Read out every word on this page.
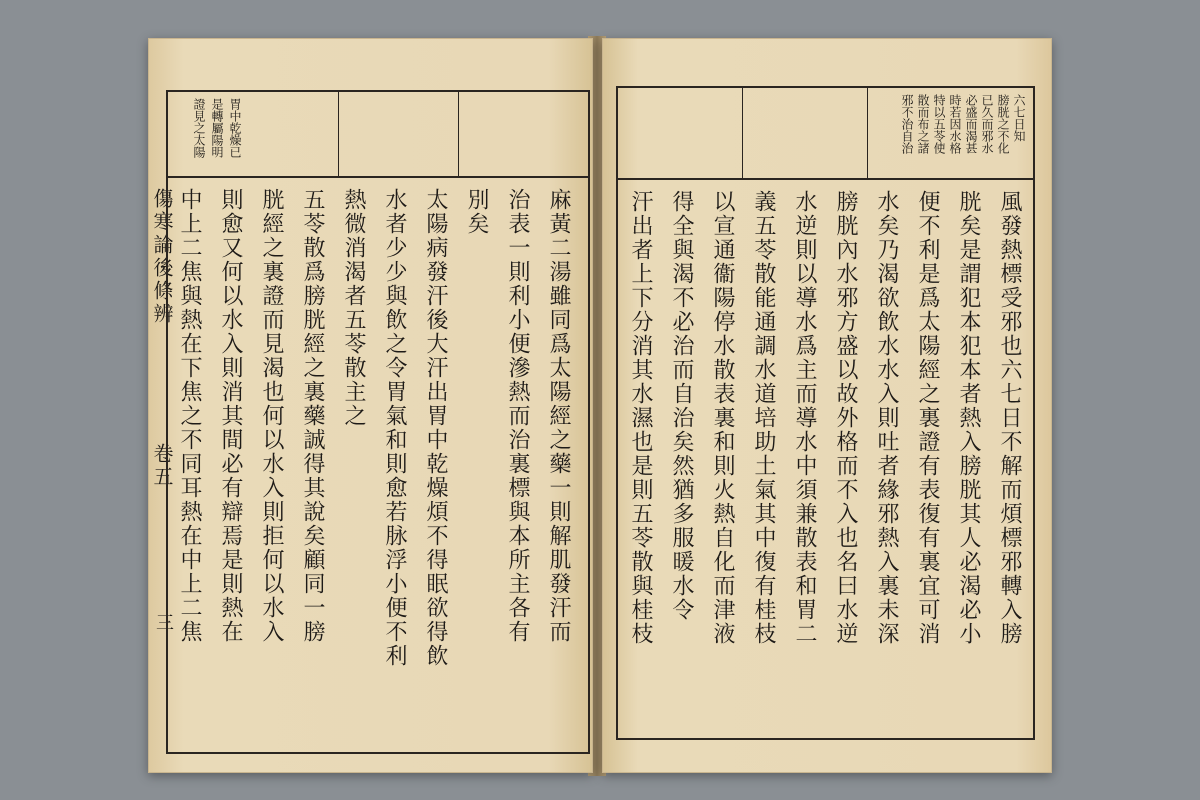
傷寒論後條辨
卷五
三
胃中乾燥已
是轉屬陽明
證見之太陽
中上二焦與熱在下焦之不同耳熱在中上二焦 則愈又何以水入則消其間必有辯焉是則熱在 胱經之裏證而見渴也何以水入則拒何以水入 五苓散爲膀胱經之裏藥誠得其說矣顧同一膀 熱微消渴者五苓散主之 水者少少與飲之令胃氣和則愈若脉浮小便不利 太陽病發汗後大汗出胃中乾燥煩不得眠欲得飲 別矣 治表一則利小便滲熱而治裏標與本所主各有 麻黃二湯雖同爲太陽經之藥一則解肌發汗而
六七日知
膀胱之不化
已久而邪水
必盛而渴甚
時若因水格
特以五苓使
散而布之諸
邪不治自治
風發熱標受邪也六七日不解而煩標邪轉入膀
胱矣是謂犯本犯本者熱入膀胱其人必渴必小
便不利是爲太陽經之裏證有表復有裏宜可消
水矣乃渴欲飲水水入則吐者緣邪熱入裏未深
膀胱內水邪方盛以故外格而不入也名曰水逆
水逆則以導水爲主而導水中須兼散表和胃二
義五苓散能通調水道培助土氣其中復有桂枝
以宣通衞陽停水散表裏和則火熱自化而津液
得全與渴不必治而自治矣然猶多服暖水令
汗出者上下分消其水濕也是則五苓散與桂枝
